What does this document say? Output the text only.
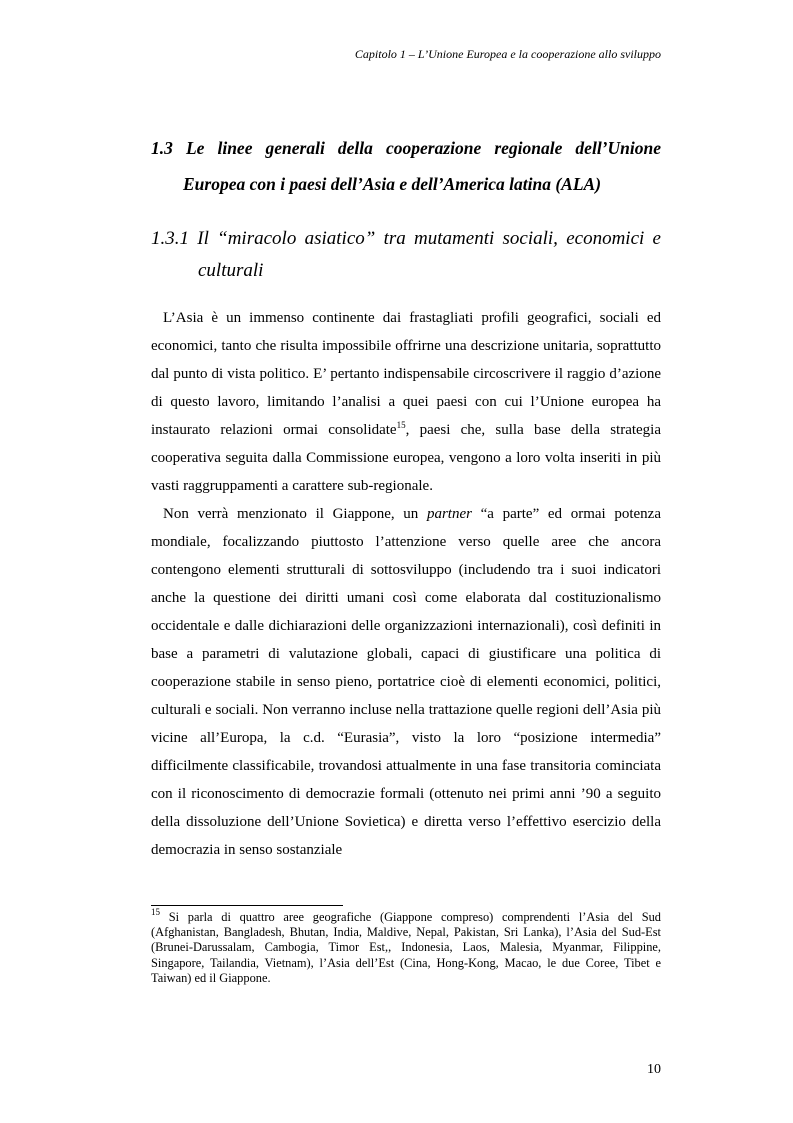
Capitolo 1 – L’Unione Europea e la cooperazione allo sviluppo
1.3 Le linee generali della cooperazione regionale dell’Unione
Europea con i paesi dell’Asia e dell’America latina (ALA)
1.3.1 Il “miracolo asiatico” tra mutamenti sociali, economici e
culturali

L’Asia è un immenso continente dai frastagliati profili geografici, sociali ed economici, tanto che risulta impossibile offrirne una descrizione unitaria, soprattutto dal punto di vista politico. E’ pertanto indispensabile circoscrivere il raggio d’azione di questo lavoro, limitando l’analisi a quei paesi con cui l’Unione europea ha instaurato relazioni ormai consolidate$^{15}$, paesi che, sulla base della strategia cooperativa seguita dalla Commissione europea, vengono a loro volta inseriti in più vasti raggruppamenti a carattere sub-regionale.

Non verrà menzionato il Giappone, un partner “a parte” ed ormai potenza mondiale, focalizzando piuttosto l’attenzione verso quelle aree che ancora contengono elementi strutturali di sottosviluppo (includendo tra i suoi indicatori anche la questione dei diritti umani così come elaborata dal costituzionalismo occidentale e dalle dichiarazioni delle organizzazioni internazionali), così definiti in base a parametri di valutazione globali, capaci di giustificare una politica di cooperazione stabile in senso pieno, portatrice cioè di elementi economici, politici, culturali e sociali. Non verranno incluse nella trattazione quelle regioni dell’Asia più vicine all’Europa, la c.d. “Eurasia”, visto la loro “posizione intermedia” difficilmente classificabile, trovandosi attualmente in una fase transitoria cominciata con il riconoscimento di democrazie formali (ottenuto nei primi anni ’90 a seguito della dissoluzione dell’Unione Sovietica) e diretta verso l’effettivo esercizio della democrazia in senso sostanziale

$^{15}$ Si parla di quattro aree geografiche (Giappone compreso) comprendenti l’Asia del Sud (Afghanistan, Bangladesh, Bhutan, India, Maldive, Nepal, Pakistan, Sri Lanka), l’Asia del Sud-Est (Brunei-Darussalam, Cambogia, Timor Est,, Indonesia, Laos, Malesia, Myanmar, Filippine, Singapore, Tailandia, Vietnam), l’Asia dell’Est (Cina, Hong-Kong, Macao, le due Coree, Tibet e Taiwan) ed il Giappone.
10
